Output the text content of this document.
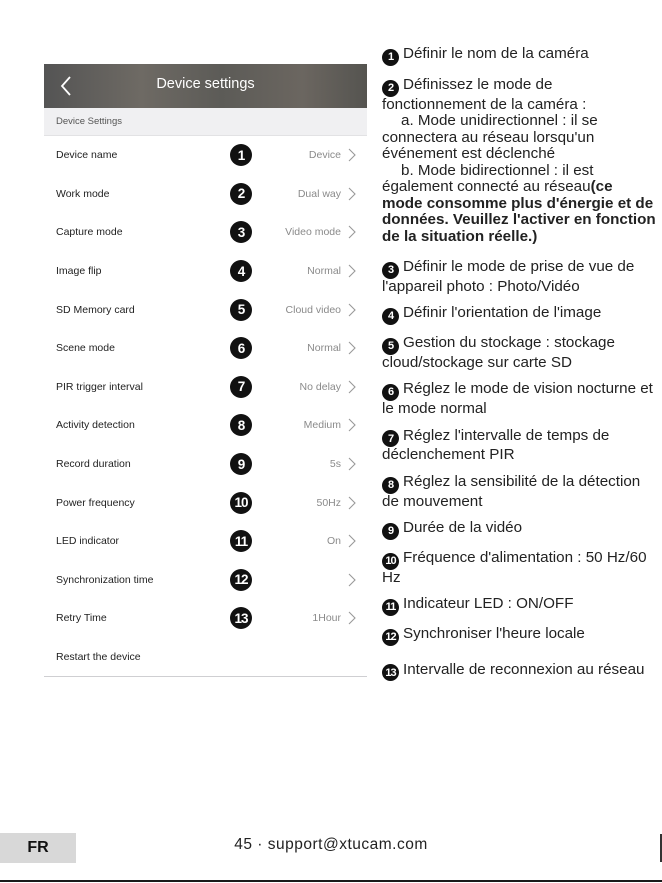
Device settings
Device Settings
Device name	1	Device
Work mode	2	Dual way
Capture mode	3	Video mode
Image flip	4	Normal
SD Memory card	5	Cloud video
Scene mode	6	Normal
PIR trigger interval	7	No delay
Activity detection	8	Medium
Record duration	9	5s
Power frequency	10	50Hz
LED indicator	11	On
Synchronization time	12
Retry Time	13	1Hour
Restart the device

1 Définir le nom de la caméra

2 Définissez le mode de fonctionnement de la caméra :
a. Mode unidirectionnel : il se connectera au réseau lorsqu'un événement est déclenché
b. Mode bidirectionnel : il est également connecté au réseau(ce mode consomme plus d'énergie et de données. Veuillez l'activer en fonction de la situation réelle.)

3 Définir le mode de prise de vue de l'appareil photo : Photo/Vidéo

4 Définir l'orientation de l'image

5 Gestion du stockage : stockage cloud/stockage sur carte SD

6 Réglez le mode de vision nocturne et le mode normal

7 Réglez l'intervalle de temps de déclenchement PIR

8 Réglez la sensibilité de la détection de mouvement

9 Durée de la vidéo

10 Fréquence d'alimentation : 50 Hz/60 Hz

11 Indicateur LED : ON/OFF

12 Synchroniser l'heure locale

13 Intervalle de reconnexion au réseau

FR	45 · support@xtucam.com
